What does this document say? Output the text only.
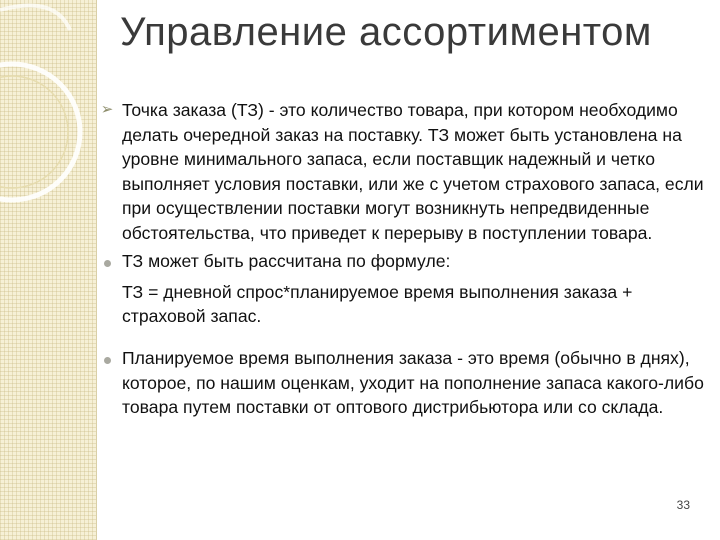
Управление ассортиментом

➢ Точка заказа (ТЗ) - это количество товара, при котором необходимо делать очередной заказ на поставку. ТЗ может быть установлена на уровне минимального запаса, если поставщик надежный и четко выполняет условия поставки, или же с учетом страхового запаса, если при осуществлении поставки могут возникнуть непредвиденные обстоятельства, что приведет к перерыву в поступлении товара.

ТЗ может быть рассчитана по формуле:

ТЗ = дневной спрос*планируемое время выполнения заказа + страховой запас.

Планируемое время выполнения заказа - это время (обычно в днях), которое, по нашим оценкам, уходит на пополнение запаса какого-либо товара путем поставки от оптового дистрибьютора или со склада.

33
